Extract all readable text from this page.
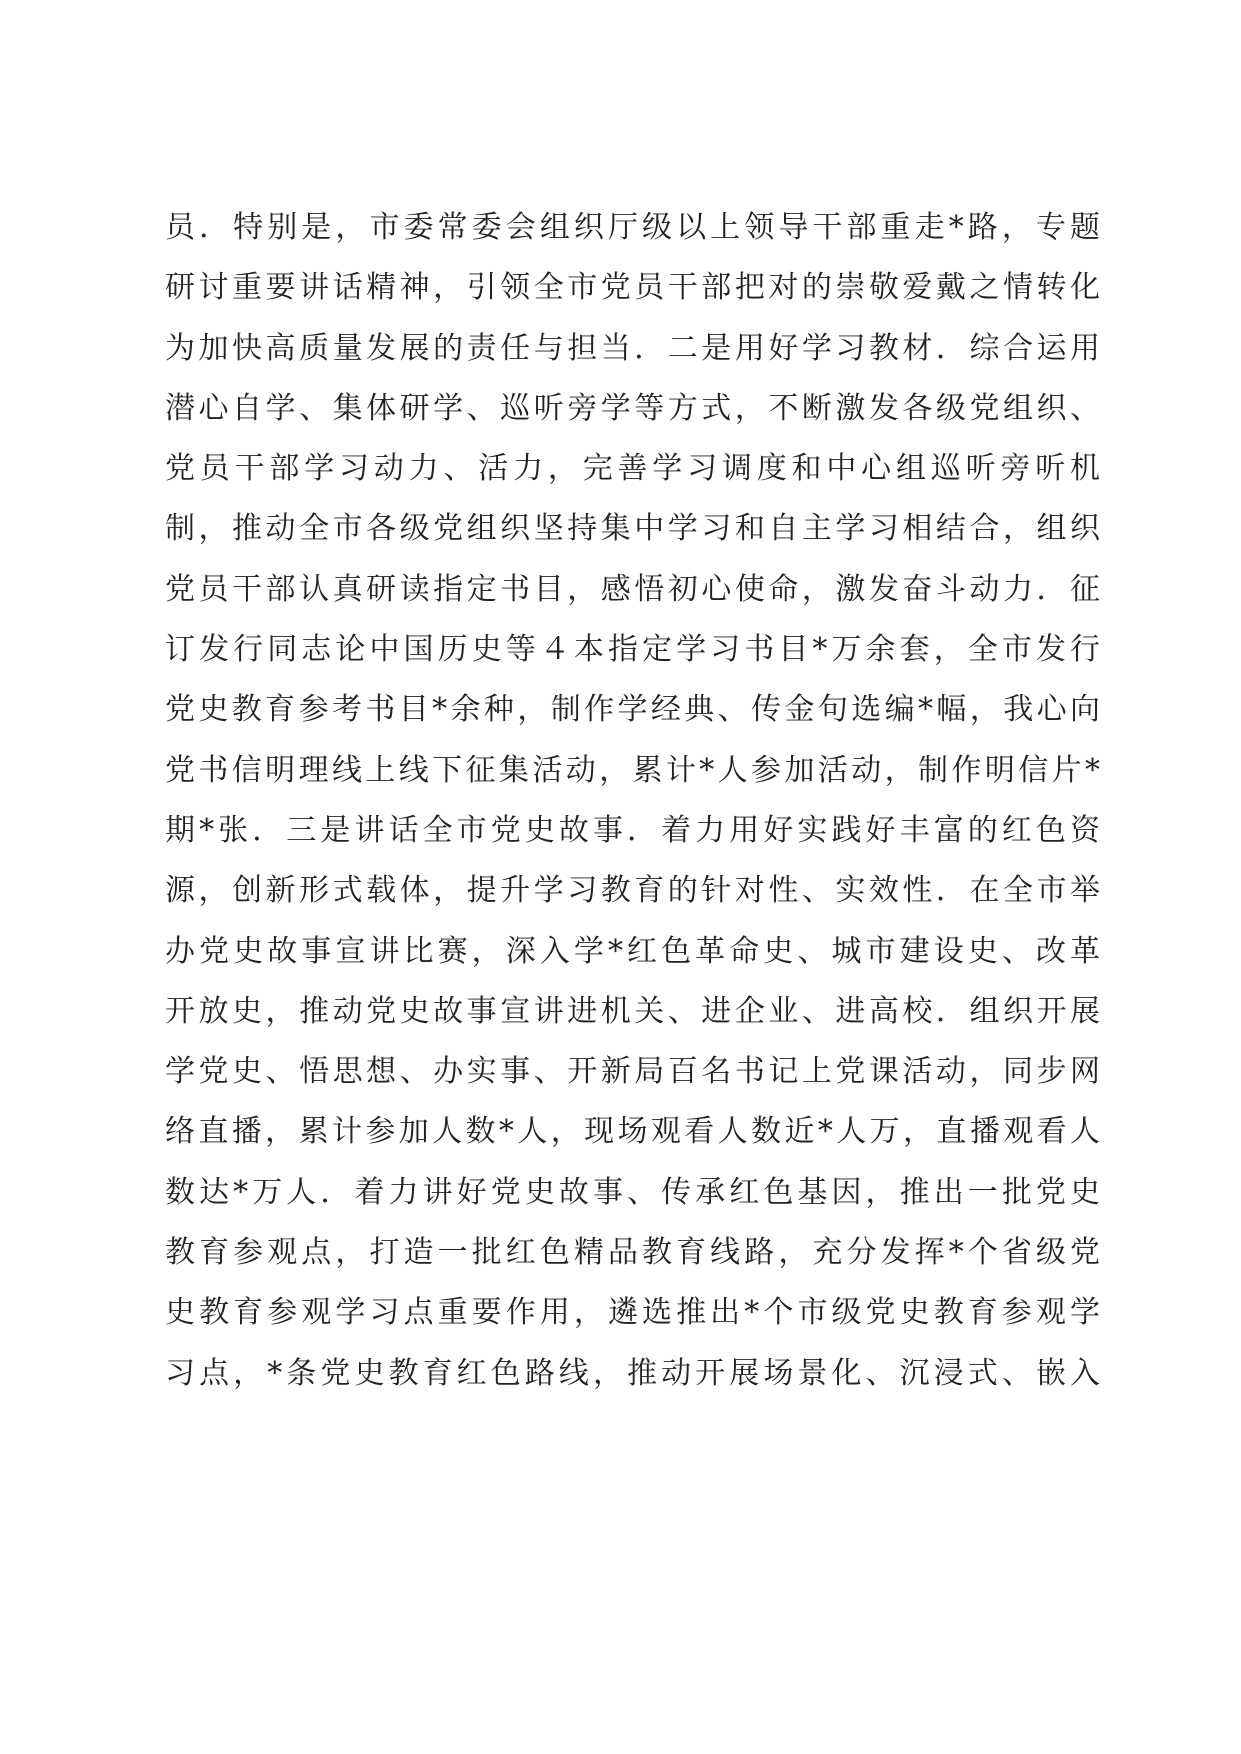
员．特别是，市委常委会组织厅级以上领导干部重走*路，专题
研讨重要讲话精神，引领全市党员干部把对的崇敬爱戴之情转化
为加快高质量发展的责任与担当．二是用好学习教材．综合运用
潜心自学、集体研学、巡听旁学等方式，不断激发各级党组织、
党员干部学习动力、活力，完善学习调度和中心组巡听旁听机
制，推动全市各级党组织坚持集中学习和自主学习相结合，组织
党员干部认真研读指定书目，感悟初心使命，激发奋斗动力．征
订发行同志论中国历史等４本指定学习书目*万余套，全市发行
党史教育参考书目*余种，制作学经典、传金句选编*幅，我心向
党书信明理线上线下征集活动，累计*人参加活动，制作明信片*
期*张．三是讲话全市党史故事．着力用好实践好丰富的红色资
源，创新形式载体，提升学习教育的针对性、实效性．在全市举
办党史故事宣讲比赛，深入学*红色革命史、城市建设史、改革
开放史，推动党史故事宣讲进机关、进企业、进高校．组织开展
学党史、悟思想、办实事、开新局百名书记上党课活动，同步网
络直播，累计参加人数*人，现场观看人数近*人万，直播观看人
数达*万人．着力讲好党史故事、传承红色基因，推出一批党史
教育参观点，打造一批红色精品教育线路，充分发挥*个省级党
史教育参观学习点重要作用，遴选推出*个市级党史教育参观学
习点，*条党史教育红色路线，推动开展场景化、沉浸式、嵌入
